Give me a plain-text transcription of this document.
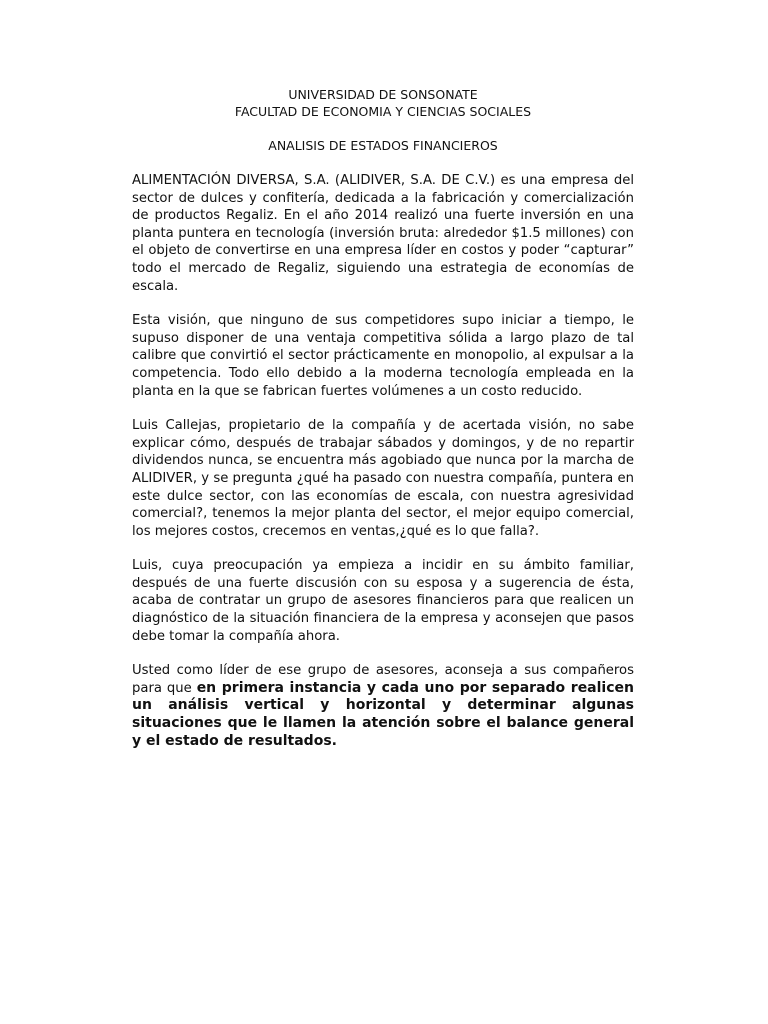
UNIVERSIDAD DE SONSONATE

FACULTAD DE ECONOMIA Y CIENCIAS SOCIALES

ANALISIS DE ESTADOS FINANCIEROS

ALIMENTACIÓN DIVERSA, S.A. (ALIDIVER, S.A. DE C.V.) es una empresa del sector de dulces y confitería, dedicada a la fabricación y comercialización de productos Regaliz. En el año 2014 realizó una fuerte inversión en una planta puntera en tecnología (inversión bruta: alrededor $1.5 millones) con el objeto de convertirse en una empresa líder en costos y poder “capturar” todo el mercado de Regaliz, siguiendo una estrategia de economías de escala.

Esta visión, que ninguno de sus competidores supo iniciar a tiempo, le supuso disponer de una ventaja competitiva sólida a largo plazo de tal calibre que convirtió el sector prácticamente en monopolio, al expulsar a la competencia. Todo ello debido a la moderna tecnología empleada en la planta en la que se fabrican fuertes volúmenes a un costo reducido.

Luis Callejas, propietario de la compañía y de acertada visión, no sabe explicar cómo, después de trabajar sábados y domingos, y de no repartir dividendos nunca, se encuentra más agobiado que nunca por la marcha de ALIDIVER, y se pregunta ¿qué ha pasado con nuestra compañía, puntera en este dulce sector, con las economías de escala, con nuestra agresividad comercial?, tenemos la mejor planta del sector, el mejor equipo comercial, los mejores costos, crecemos en ventas,¿qué es lo que falla?.

Luis, cuya preocupación ya empieza a incidir en su ámbito familiar, después de una fuerte discusión con su esposa y a sugerencia de ésta, acaba de contratar un grupo de asesores financieros para que realicen un diagnóstico de la situación financiera de la empresa y aconsejen que pasos debe tomar la compañía ahora.

Usted como líder de ese grupo de asesores, aconseja a sus compañeros para que en primera instancia y cada uno por separado realicen un análisis vertical y horizontal y determinar algunas situaciones que le llamen la atención sobre el balance general y el estado de resultados.
